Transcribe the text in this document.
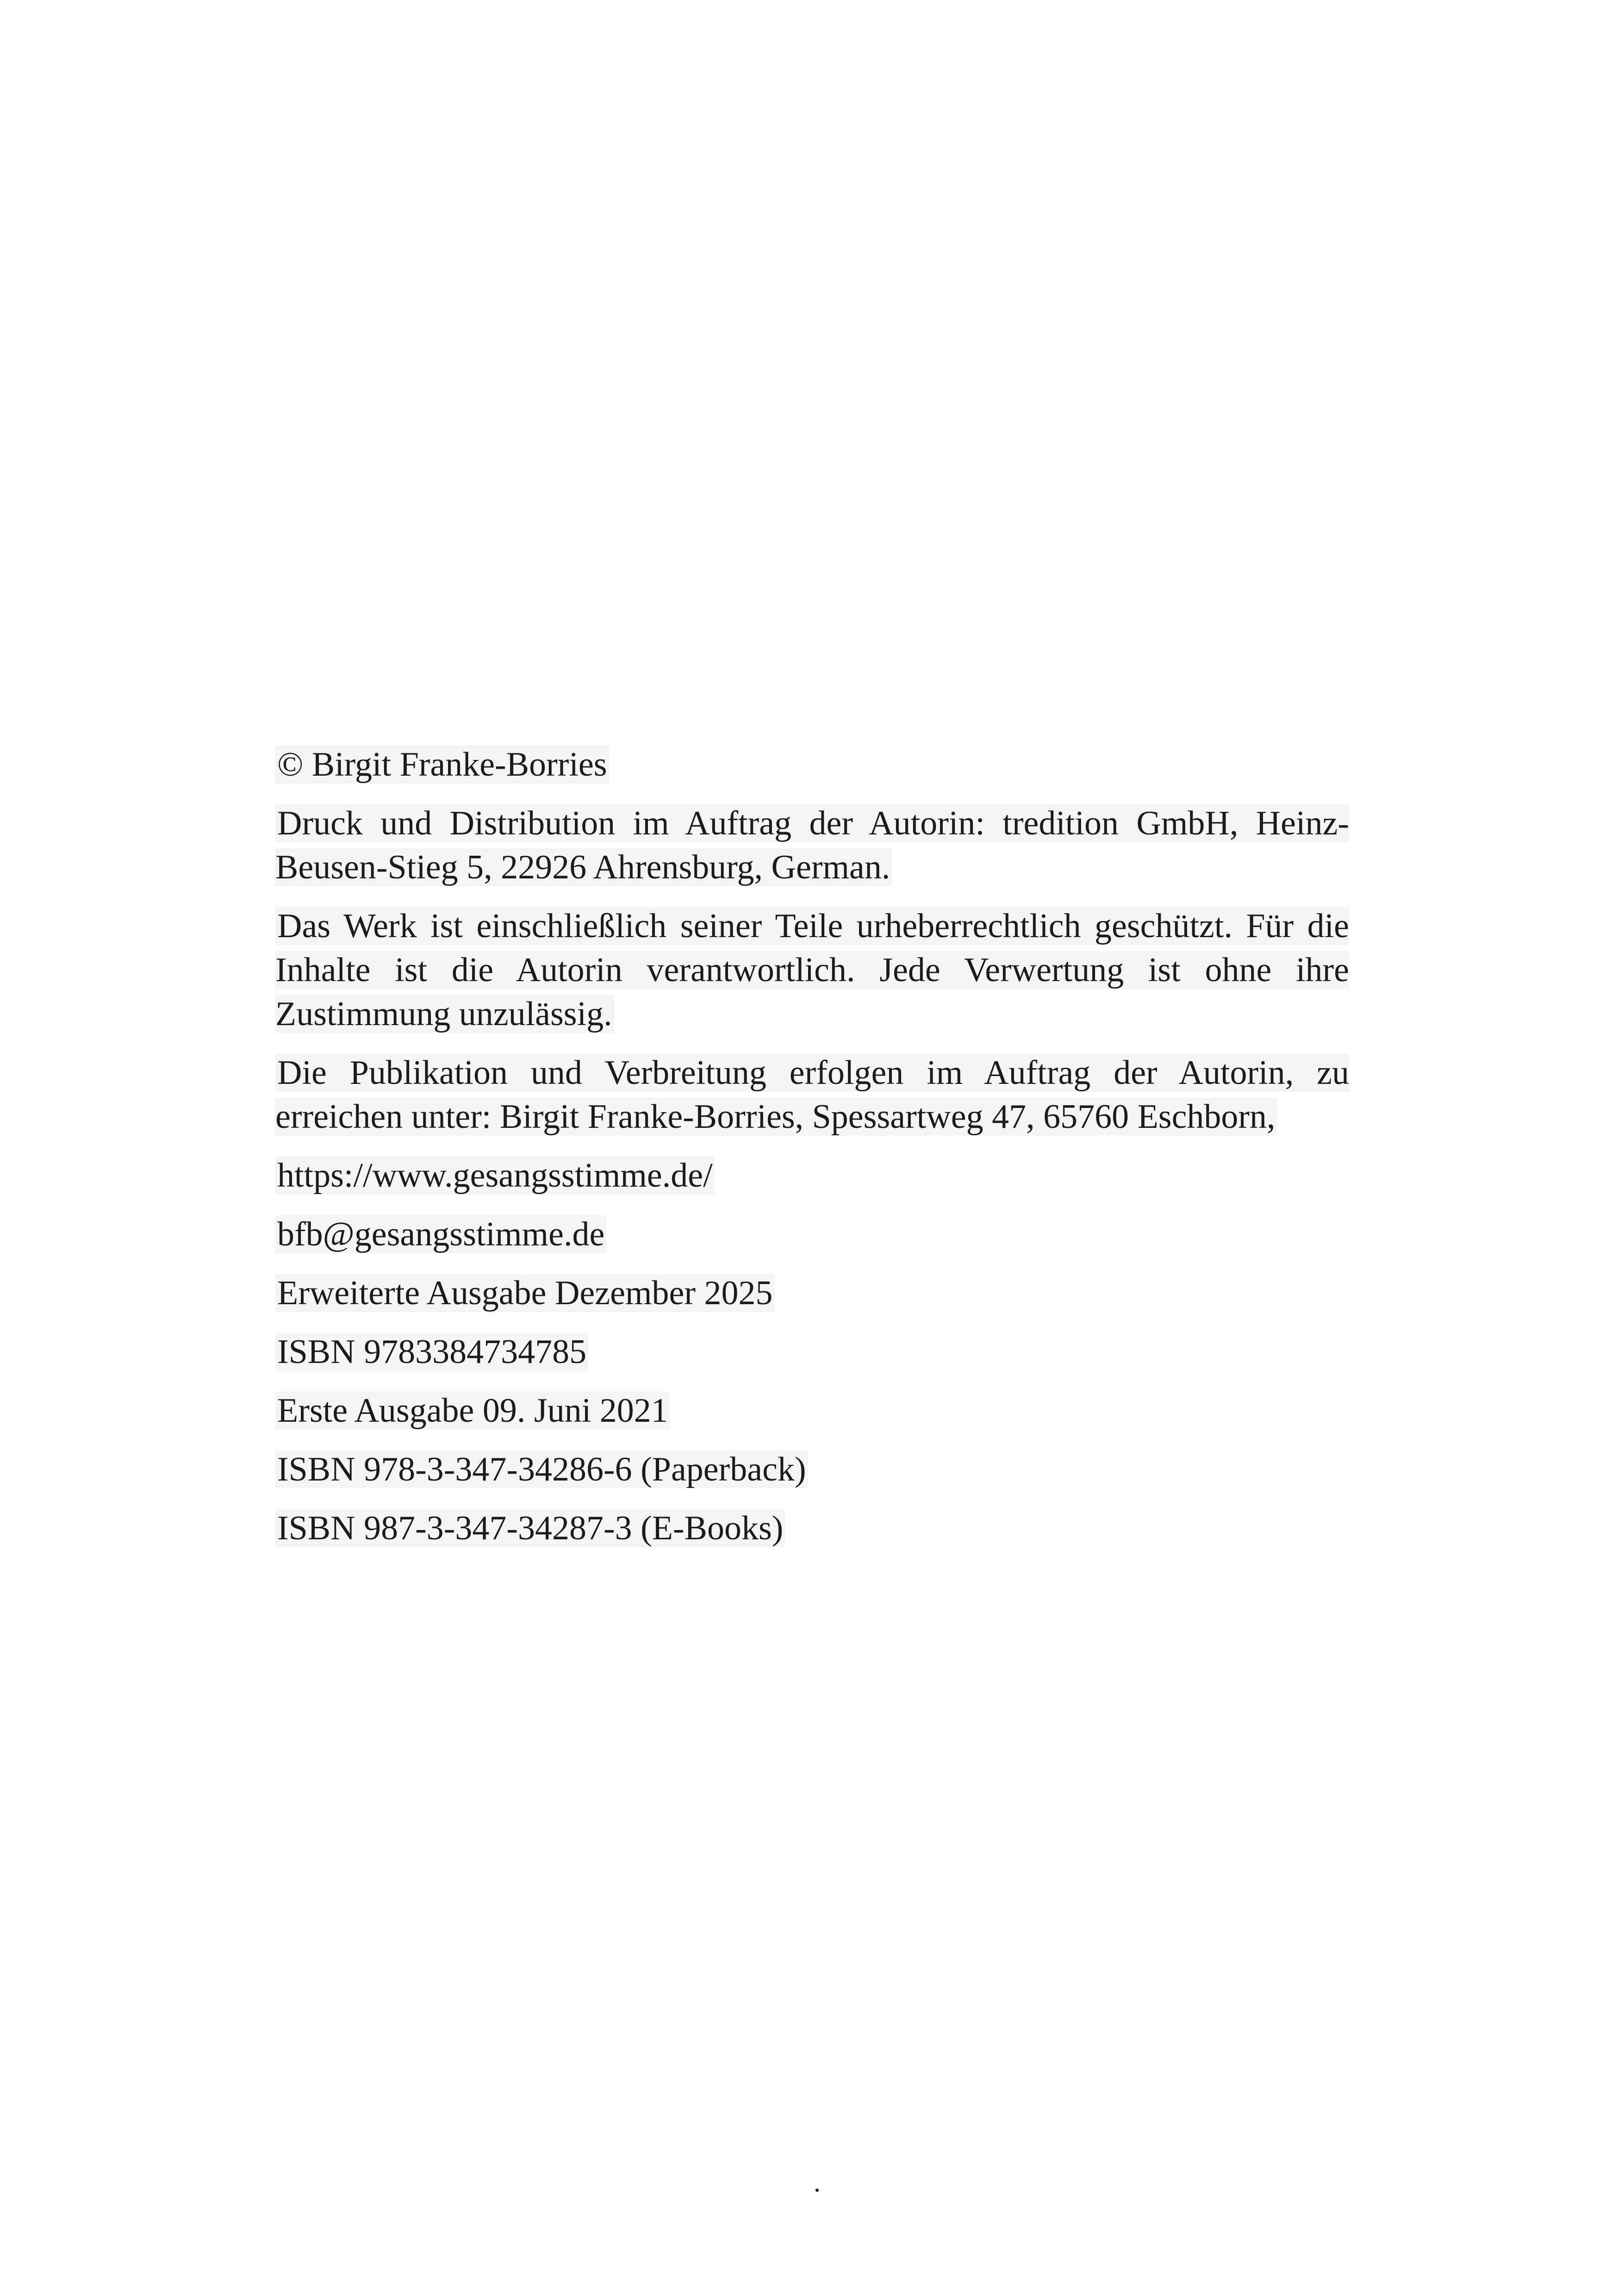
© Birgit Franke-Borries

Druck und Distribution im Auftrag der Autorin: tredition GmbH, Heinz-Beusen-Stieg 5, 22926 Ahrensburg, German.

Das Werk ist einschließlich seiner Teile urheberrechtlich geschützt. Für die Inhalte ist die Autorin verantwortlich. Jede Verwertung ist ohne ihre Zustimmung unzulässig.

Die Publikation und Verbreitung erfolgen im Auftrag der Autorin, zu erreichen unter: Birgit Franke-Borries, Spessartweg 47, 65760 Eschborn,

https://www.gesangsstimme.de/

bfb@gesangsstimme.de

Erweiterte Ausgabe Dezember 2025

ISBN 9783384734785

Erste Ausgabe 09. Juni 2021

ISBN 978-3-347-34286-6 (Paperback)

ISBN 987-3-347-34287-3 (E-Books)

.
